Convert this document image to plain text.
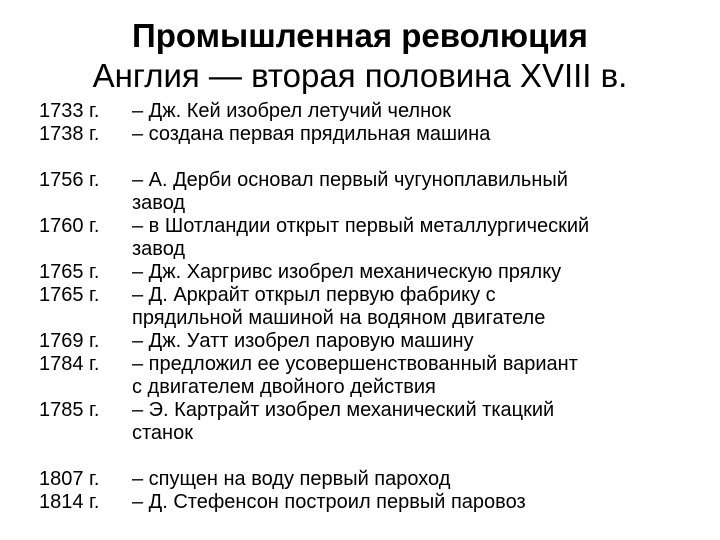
Промышленная революция
Англия — вторая половина XVIII в.
1733 г. – Дж. Кей изобрел летучий челнок
1738 г. – создана первая прядильная машина
1756 г. – А. Дерби основал первый чугуноплавильный
завод
1760 г. – в Шотландии открыт первый металлургический
завод
1765 г. – Дж. Харгривс изобрел механическую прялку
1765 г. – Д. Аркрайт открыл первую фабрику с
прядильной машиной на водяном двигателе
1769 г. – Дж. Уатт изобрел паровую машину
1784 г. – предложил ее усовершенствованный вариант
с двигателем двойного действия
1785 г. – Э. Картрайт изобрел механический ткацкий
станок
1807 г. – спущен на воду первый пароход
1814 г. – Д. Стефенсон построил первый паровоз
